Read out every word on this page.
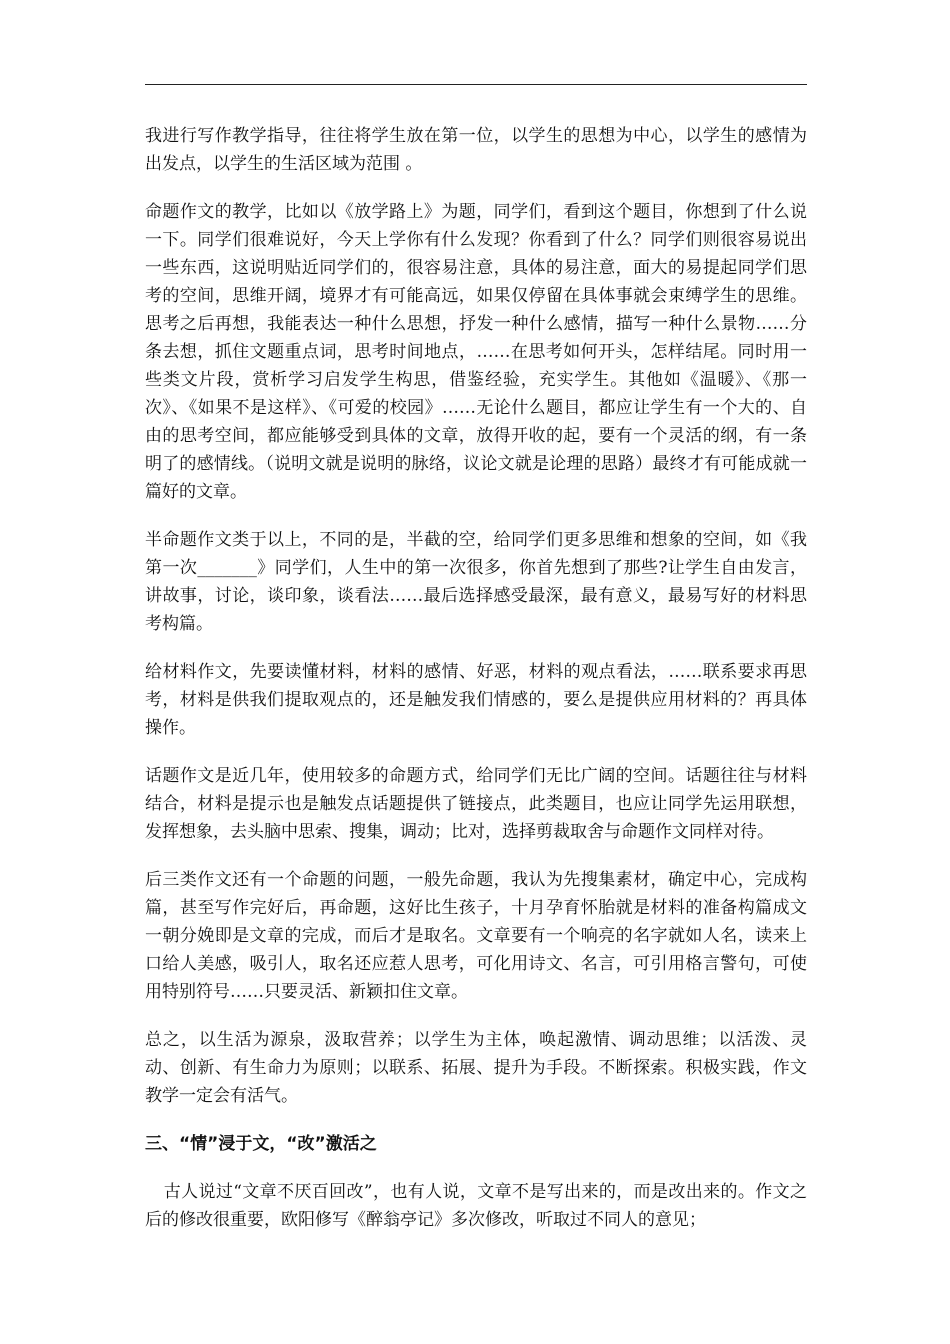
我进行写作教学指导，往往将学生放在第一位，以学生的思想为中心，以学生的感情为出发点，以学生的生活区域为范围 。

命题作文的教学，比如以《放学路上》为题，同学们，看到这个题目，你想到了什么说一下。同学们很难说好，今天上学你有什么发现？你看到了什么？同学们则很容易说出一些东西，这说明贴近同学们的，很容易注意，具体的易注意，面大的易提起同学们思考的空间，思维开阔，境界才有可能高远，如果仅停留在具体事就会束缚学生的思维。思考之后再想，我能表达一种什么思想，抒发一种什么感情，描写一种什么景物……分条去想，抓住文题重点词，思考时间地点，……在思考如何开头，怎样结尾。同时用一些类文片段，赏析学习启发学生构思，借鉴经验，充实学生。其他如《温暖》、《那一次》、《如果不是这样》、《可爱的校园》……无论什么题目，都应让学生有一个大的、自由的思考空间，都应能够受到具体的文章，放得开收的起，要有一个灵活的纲，有一条明了的感情线。（说明文就是说明的脉络，议论文就是论理的思路）最终才有可能成就一篇好的文章。

半命题作文类于以上，不同的是，半截的空，给同学们更多思维和想象的空间，如《我第一次_______》同学们，人生中的第一次很多，你首先想到了那些?让学生自由发言，讲故事，讨论，谈印象，谈看法……最后选择感受最深，最有意义，最易写好的材料思考构篇。

给材料作文，先要读懂材料，材料的感情、好恶，材料的观点看法，……联系要求再思考，材料是供我们提取观点的，还是触发我们情感的，要么是提供应用材料的？再具体操作。

话题作文是近几年，使用较多的命题方式，给同学们无比广阔的空间。话题往往与材料结合，材料是提示也是触发点话题提供了链接点，此类题目，也应让同学先运用联想，发挥想象，去头脑中思索、搜集，调动；比对，选择剪裁取舍与命题作文同样对待。

后三类作文还有一个命题的问题，一般先命题，我认为先搜集素材，确定中心，完成构篇，甚至写作完好后，再命题，这好比生孩子，十月孕育怀胎就是材料的准备构篇成文一朝分娩即是文章的完成，而后才是取名。文章要有一个响亮的名字就如人名，读来上口给人美感，吸引人，取名还应惹人思考，可化用诗文、名言，可引用格言警句，可使用特别符号……只要灵活、新颖扣住文章。

总之，以生活为源泉，汲取营养；以学生为主体，唤起激情、调动思维；以活泼、灵动、创新、有生命力为原则；以联系、拓展、提升为手段。不断探索。积极实践，作文教学一定会有活气。

三、“情”浸于文，“改”激活之

古人说过“文章不厌百回改”，也有人说，文章不是写出来的，而是改出来的。作文之后的修改很重要，欧阳修写《醉翁亭记》多次修改，听取过不同人的意见；
